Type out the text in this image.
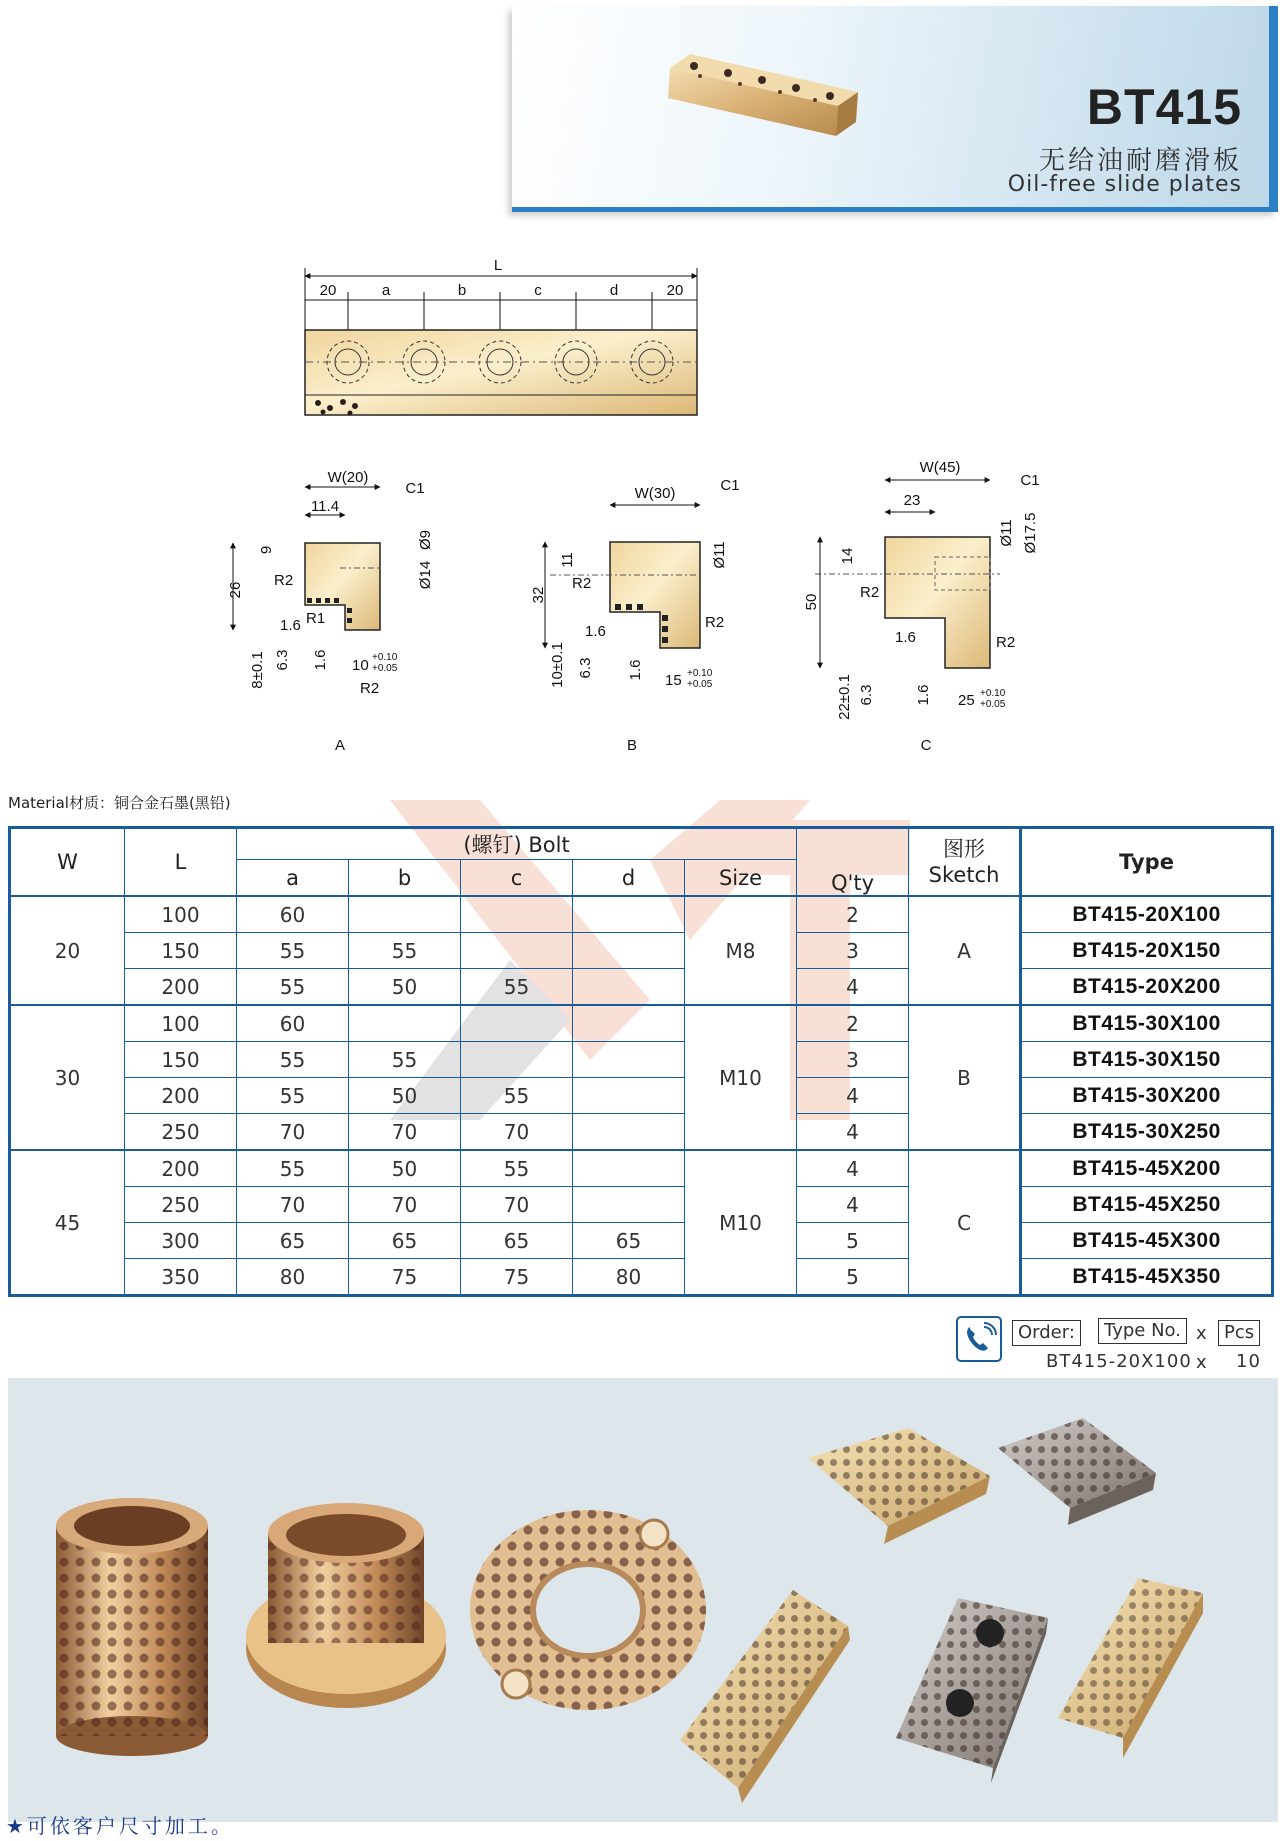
BT415
无给油耐磨滑板
Oil-free slide plates
L
20	a	b	c	d	20
W(20)
11.4
C1
26
9
R2
Ø9
Ø14
R1
1.6
6.3
8±0.1	1.6 10 +0.10
+0.05
R2
A
W(30)	C1
11
32
R2
Ø11
1.6
R2
10±0.1 6.3 1.6
15 +0.10
+0.05
B
W(45)
C1
23
14
50
R2
Ø11 Ø17.5
1.6	R2
22±0.1 6.3	1.6 25 +0.10
+0.05
C
Material材质：铜合金石墨(黑铅)
W	L	(螺钉) Bolt					Q'ty	图形
Sketch	Type
		a	b	c	d	Size			
20	100	60				M8	2	A	BT415-20X100
	150	55	55				3		BT415-20X150
	200	55	50	55			4		BT415-20X200
30	100	60				M10	2	B	BT415-30X100
	150	55	55				3		BT415-30X150
	200	55	50	55			4		BT415-30X200
	250	70	70	70			4		BT415-30X250
45	200	55	50	55		M10	4	C	BT415-45X200
	250	70	70	70			4		BT415-45X250
	300	65	65	65	65		5		BT415-45X300
	350	80	75	75	80		5		BT415-45X350
Order:	Type No. x Pcs
BT415-20X100 x 10
★可依客户尺寸加工。
